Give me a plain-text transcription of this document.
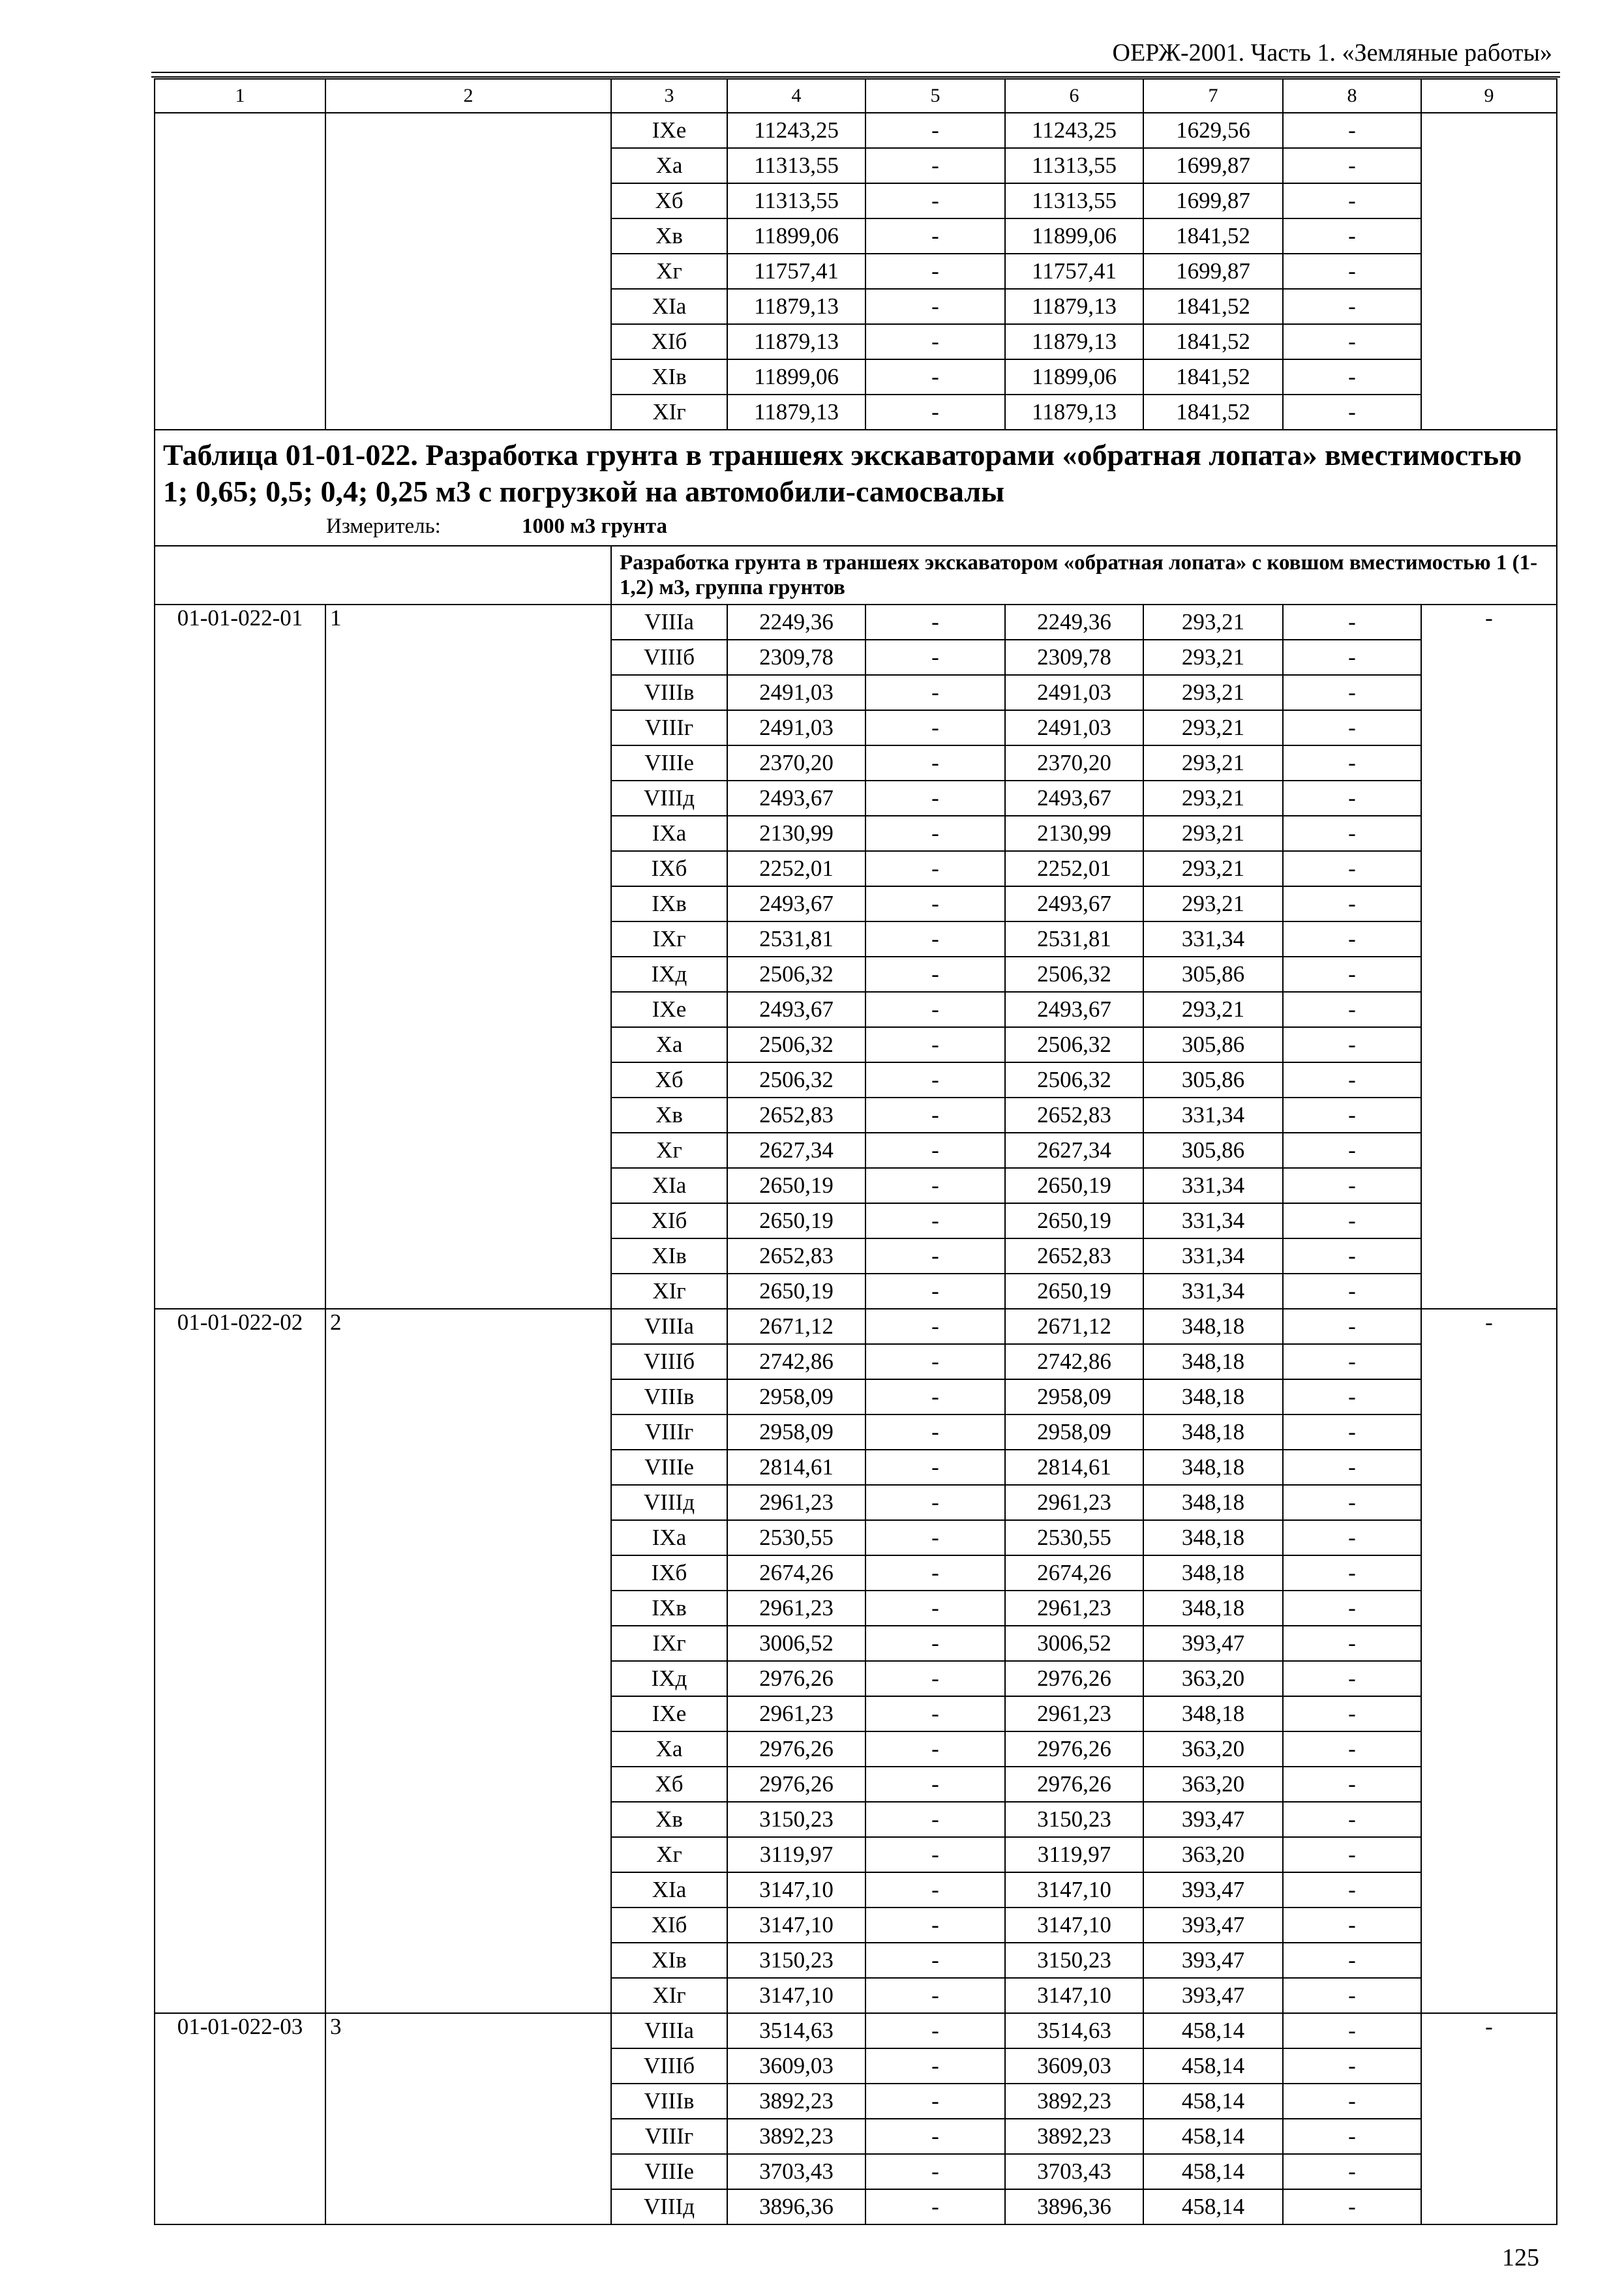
ОЕРЖ-2001. Часть 1. «Земляные работы»
1	2	3	4	5	6	7	8	9
		IXе	11243,25	-	11243,25	1629,56	-	
		Xа	11313,55	-	11313,55	1699,87	-	
		Xб	11313,55	-	11313,55	1699,87	-	
		Xв	11899,06	-	11899,06	1841,52	-	
		Xг	11757,41	-	11757,41	1699,87	-	
		XIа	11879,13	-	11879,13	1841,52	-	
		XIб	11879,13	-	11879,13	1841,52	-	
		XIв	11899,06	-	11899,06	1841,52	-	
		XIг	11879,13	-	11879,13	1841,52	-	

Таблица 01-01-022. Разработка грунта в траншеях экскаваторами «обратная лопата» вместимостью 1; 0,65; 0,5; 0,4; 0,25 м3 с погрузкой на автомобили-самосвалы
Измеритель: 1000 м3 грунта								

		Разработка грунта в траншеях экскаватором «обратная лопата» с ковшом вместимостью 1 (1-1,2) м3, группа грунтов						
01-01-022-01	1	VIIIа	2249,36	-	2249,36	293,21	-	-
		VIIIб	2309,78	-	2309,78	293,21	-	
		VIIIв	2491,03	-	2491,03	293,21	-	
		VIIIг	2491,03	-	2491,03	293,21	-	
		VIIIе	2370,20	-	2370,20	293,21	-	
		VIIIд	2493,67	-	2493,67	293,21	-	
		IXа	2130,99	-	2130,99	293,21	-	
		IXб	2252,01	-	2252,01	293,21	-	
		IXв	2493,67	-	2493,67	293,21	-	
		IXг	2531,81	-	2531,81	331,34	-	
		IXд	2506,32	-	2506,32	305,86	-	
		IXе	2493,67	-	2493,67	293,21	-	
		Xа	2506,32	-	2506,32	305,86	-	
		Xб	2506,32	-	2506,32	305,86	-	
		Xв	2652,83	-	2652,83	331,34	-	
		Xг	2627,34	-	2627,34	305,86	-	
		XIа	2650,19	-	2650,19	331,34	-	
		XIб	2650,19	-	2650,19	331,34	-	
		XIв	2652,83	-	2652,83	331,34	-	
		XIг	2650,19	-	2650,19	331,34	-	
01-01-022-02	2	VIIIа	2671,12	-	2671,12	348,18	-	-
		VIIIб	2742,86	-	2742,86	348,18	-	
		VIIIв	2958,09	-	2958,09	348,18	-	
		VIIIг	2958,09	-	2958,09	348,18	-	
		VIIIе	2814,61	-	2814,61	348,18	-	
		VIIIд	2961,23	-	2961,23	348,18	-	
		IXа	2530,55	-	2530,55	348,18	-	
		IXб	2674,26	-	2674,26	348,18	-	
		IXв	2961,23	-	2961,23	348,18	-	
		IXг	3006,52	-	3006,52	393,47	-	
		IXд	2976,26	-	2976,26	363,20	-	
		IXе	2961,23	-	2961,23	348,18	-	
		Xа	2976,26	-	2976,26	363,20	-	
		Xб	2976,26	-	2976,26	363,20	-	
		Xв	3150,23	-	3150,23	393,47	-	
		Xг	3119,97	-	3119,97	363,20	-	
		XIа	3147,10	-	3147,10	393,47	-	
		XIб	3147,10	-	3147,10	393,47	-	
		XIв	3150,23	-	3150,23	393,47	-	
		XIг	3147,10	-	3147,10	393,47	-	
01-01-022-03	3	VIIIа	3514,63	-	3514,63	458,14	-	-
		VIIIб	3609,03	-	3609,03	458,14	-	
		VIIIв	3892,23	-	3892,23	458,14	-	
		VIIIг	3892,23	-	3892,23	458,14	-	
		VIIIе	3703,43	-	3703,43	458,14	-	
		VIIIд	3896,36	-	3896,36	458,14	-	
125
